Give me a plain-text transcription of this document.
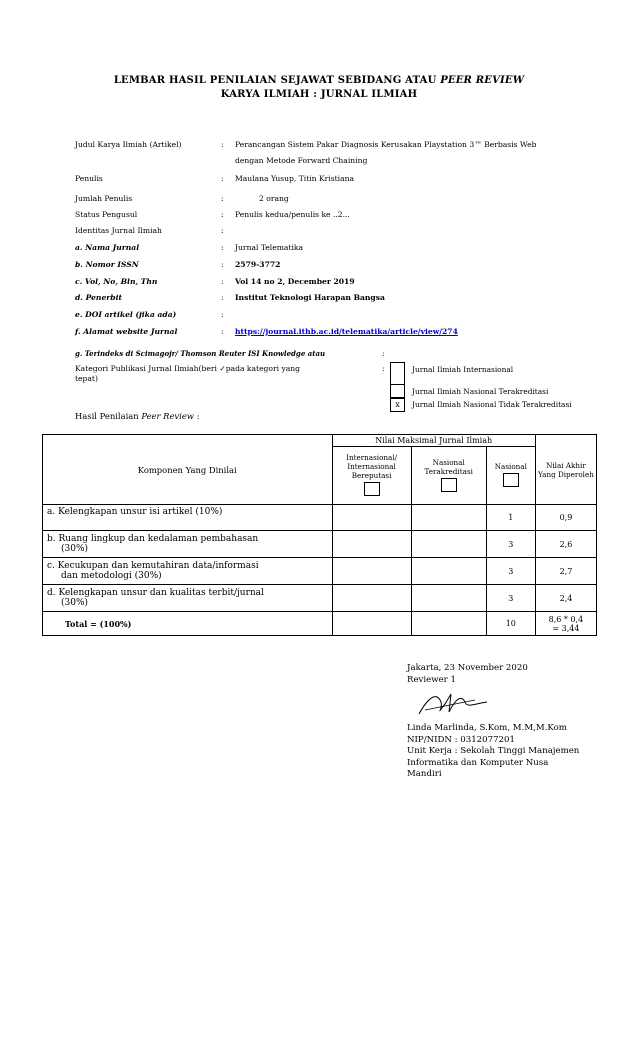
LEMBAR HASIL PENILAIAN SEJAWAT SEBIDANG ATAU PEER REVIEW
KARYA ILMIAH : JURNAL ILMIAH
Judul Karya Ilmiah (Artikel)	: Perancangan Sistem Pakar Diagnosis Kerusakan Playstation 3™ Berbasis Web
dengan Metode Forward Chaining
Penulis	: Maulana Yusup, Titin Kristiana
Jumlah Penulis	:	2 orang
Status Pengusul	: Penulis kedua/penulis ke ..2...
Identitas Jurnal Ilmiah	:
a. Nama Jurnal	: Jurnal Telematika
b. Nomor ISSN	: 2579-3772
c. Vol, No, Bln, Thn	: Vol 14 no 2, December 2019
d. Penerbit	: Institut Teknologi Harapan Bangsa
e. DOI artikel (jika ada)	:
f. Alamat website Jurnal	: https://journal.ithb.ac.id/telematika/article/view/274
g. Terindeks di Scimagojr/ Thomson Reuter ISI Knowledge atau	:
Kategori Publikasi Jurnal Ilmiah(beri ✓pada kategori yang	:
tepat)
Jurnal Ilmiah Internasional
Jurnal Ilmiah Nasional Terakreditasi
x	Jurnal Ilmiah Nasional Tidak Terakreditasi
Hasil Penilaian Peer Review :
Komponen Yang Dinilai	Nilai Maksimal Jurnal Ilmiah			Nilai Akhir Yang Diperoleh

	Internasional/ Internasional Bereputasi	Nasional Terakreditasi	Nasional	

a. Kelengkapan unsur isi artikel (10%)			1	0,9

b. Ruang lingkup dan kedalaman pembahasan
(30%)			3	2,6

c. Kecukupan dan kemutahiran data/informasi
dan metodologi (30%)			3	2,7

d. Kelengkapan unsur dan kualitas terbit/jurnal
(30%)			3	2,4
Total = (100%)			10	8,6 * 0,4
= 3,44
Jakarta, 23 November 2020
Reviewer 1
Linda Marlinda, S.Kom, M.M,M.Kom
NIP/NIDN : 0312077201
Unit Kerja : Sekolah Tinggi Manajemen
Informatika dan Komputer Nusa
Mandiri
